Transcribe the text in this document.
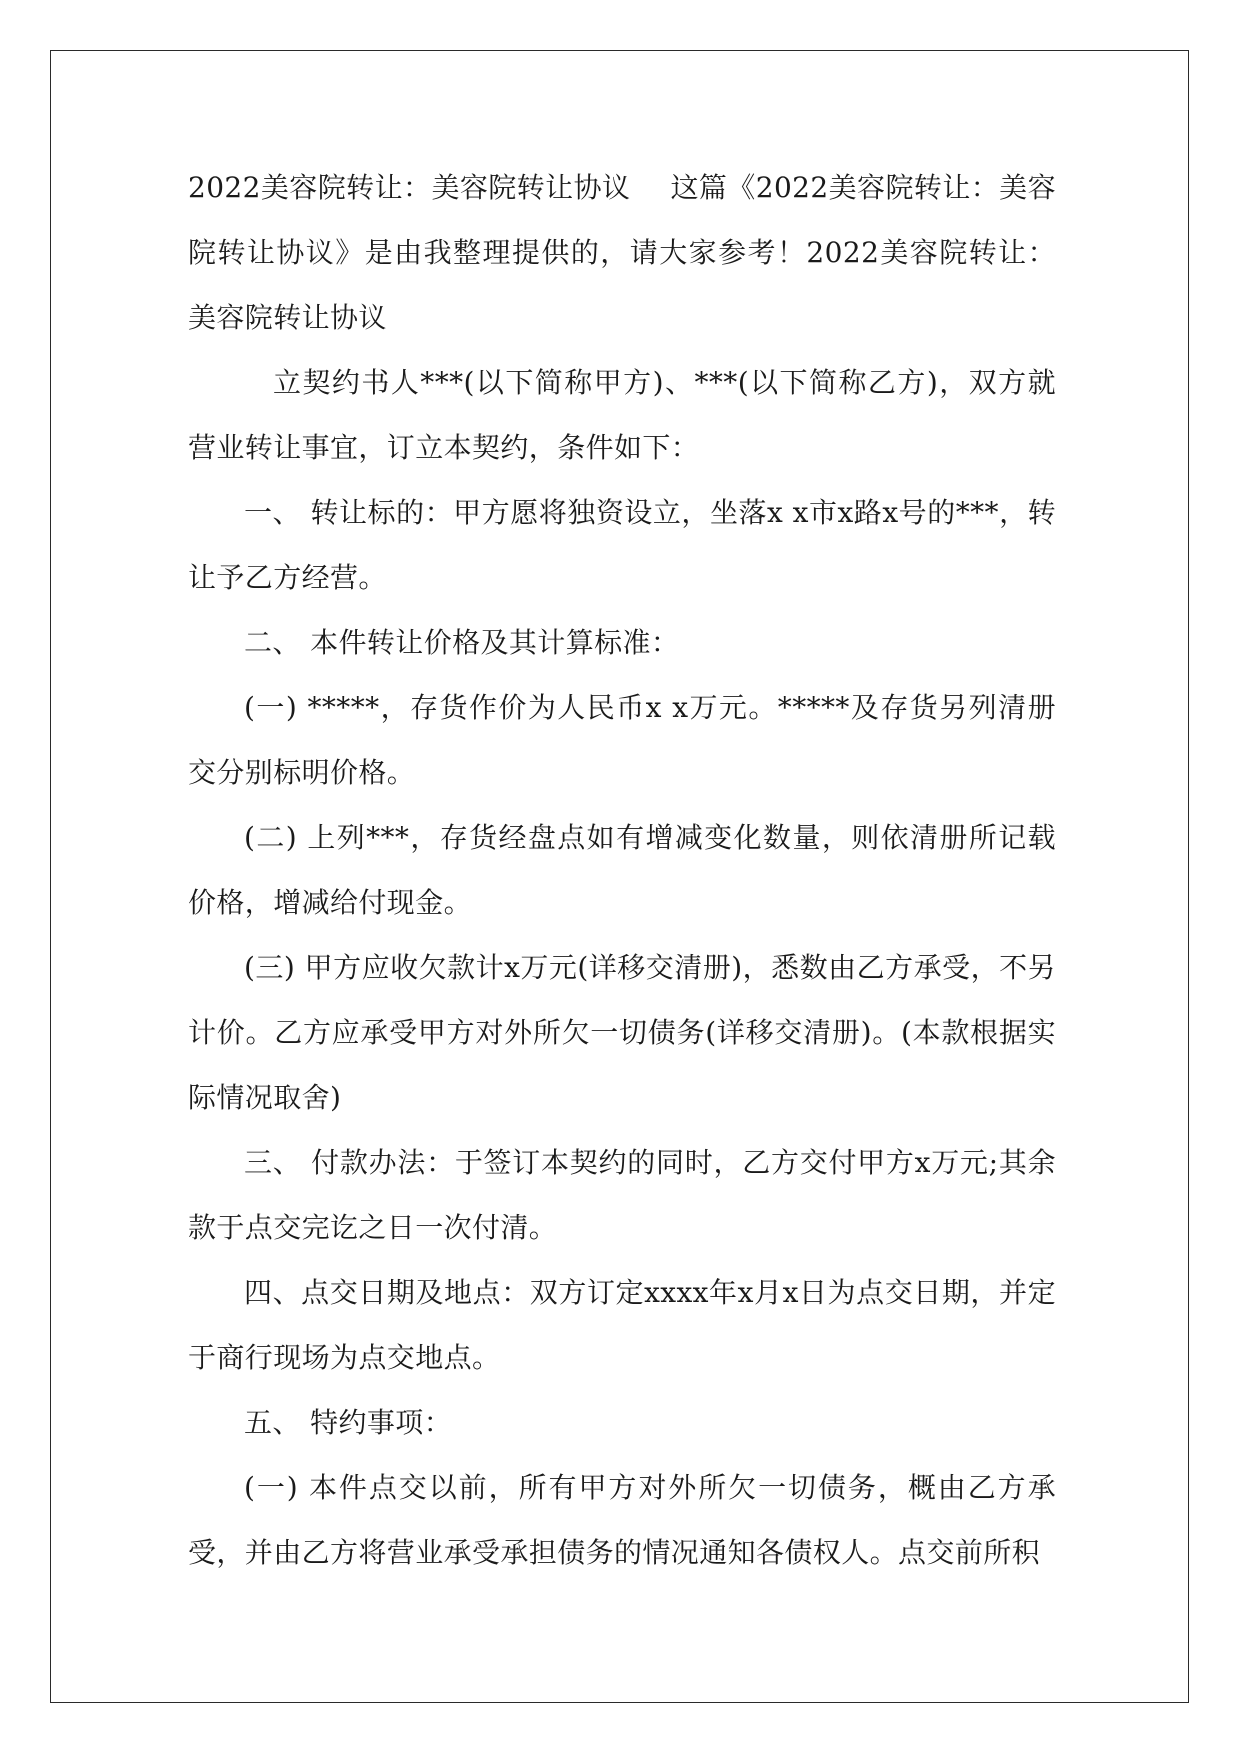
2022美容院转让：美容院转让协议 这篇《2022美容院转让：美容院转让协议》是由我整理提供的，请大家参考！2022美容院转让：美容院转让协议

立契约书人***(以下简称甲方)、***(以下简称乙方)，双方就营业转让事宜，订立本契约，条件如下：

一、 转让标的：甲方愿将独资设立，坐落x x市x路x号的***，转让予乙方经营。

二、 本件转让价格及其计算标准：

(一) *****，存货作价为人民币x x万元。*****及存货另列清册交分别标明价格。

(二) 上列***，存货经盘点如有增减变化数量，则依清册所记载价格，增减给付现金。

(三) 甲方应收欠款计x万元(详移交清册)，悉数由乙方承受，不另计价。乙方应承受甲方对外所欠一切债务(详移交清册)。(本款根据实际情况取舍)

三、 付款办法：于签订本契约的同时，乙方交付甲方x万元;其余款于点交完讫之日一次付清。

四、点交日期及地点：双方订定xxxx年x月x日为点交日期，并定于商行现场为点交地点。

五、 特约事项：

(一) 本件点交以前，所有甲方对外所欠一切债务，概由乙方承受，并由乙方将营业承受承担债务的情况通知各债权人。点交前所积
